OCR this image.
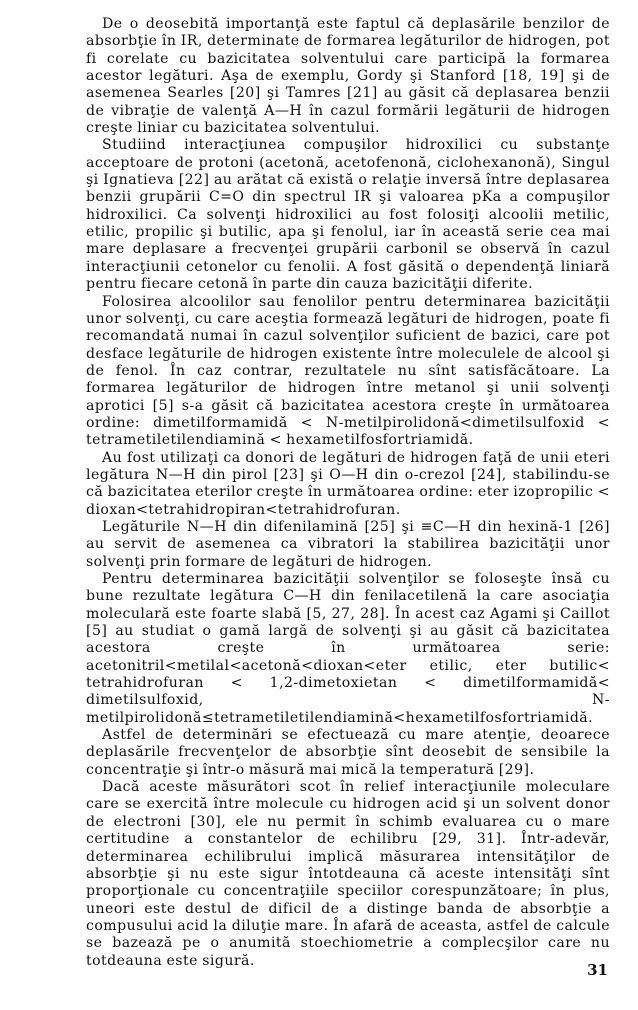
De o deosebită importanţă este faptul că deplasările benzilor de absorbţie în IR, determinate de formarea legăturilor de hidrogen, pot fi corelate cu bazicitatea solventului care participă la formarea acestor legături. Aşa de exemplu, Gordy şi Stanford [18, 19] şi de asemenea Searles [20] şi Tamres [21] au găsit că deplasarea benzii de vibraţie de valenţă A—H în cazul formării legăturii de hidrogen creşte liniar cu bazicitatea solventului.

Studiind interacţiunea compuşilor hidroxilici cu substanţe acceptoare de protoni (acetonă, acetofenonă, ciclohexanonă), Singul şi Ignatieva [22] au arătat că există o relaţie inversă între deplasarea benzii grupării C=O din spectrul IR şi valoarea pKa a compuşilor hidroxilici. Ca solvenţi hidroxilici au fost folosiţi alcoolii metilic, etilic, propilic şi butilic, apa şi fenolul, iar în această serie cea mai mare deplasare a frecvenţei grupării carbonil se observă în cazul interacţiunii cetonelor cu fenolii. A fost găsită o dependenţă liniară pentru fiecare cetonă în parte din cauza bazicităţii diferite.

Folosirea alcoolilor sau fenolilor pentru determinarea bazicităţii unor solvenţi, cu care aceştia formează legături de hidrogen, poate fi recomandată numai în cazul solvenţilor suficient de bazici, care pot desface legăturile de hidrogen existente între moleculele de alcool şi de fenol. În caz contrar, rezultatele nu sînt satisfăcătoare. La formarea legăturilor de hidrogen între metanol şi unii solvenţi aprotici [5] s-a găsit că bazicitatea acestora creşte în următoarea ordine: dimetilformamidă < N-metilpirolidonă<dimetilsulfoxid < tetrametiletilendiamină < hexametilfosfortriamidă.

Au fost utilizaţi ca donori de legături de hidrogen faţă de unii eteri legătura N—H din pirol [23] şi O—H din o-crezol [24], stabilindu-se că bazicitatea eterilor creşte în următoarea ordine: eter izopropilic < dioxan<tetrahidropiran<tetrahidrofuran.

Legăturile N—H din difenilamină [25] şi ≡C—H din hexină-1 [26] au servit de asemenea ca vibratori la stabilirea bazicităţii unor solvenţi prin formare de legături de hidrogen.

Pentru determinarea bazicităţii solvenţilor se foloseşte însă cu bune rezultate legătura C—H din fenilacetilenă la care asociaţia moleculară este foarte slabă [5, 27, 28]. În acest caz Agami şi Caillot [5] au studiat o gamă largă de solvenţi şi au găsit că bazicitatea acestora creşte în următoarea serie: acetonitril<metilal<acetonă<dioxan<eter etilic, eter butilic< tetrahidrofuran < 1,2-dimetoxietan < dimetilformamidă< dimetilsulfoxid, N-metilpirolidonă≤tetrametiletilendiamină<hexametilfosfortriamidă.

Astfel de determinări se efectuează cu mare atenţie, deoarece deplasările frecvenţelor de absorbţie sînt deosebit de sensibile la concentraţie şi într-o măsură mai mică la temperatură [29].

Dacă aceste măsurători scot în relief interacţiunile moleculare care se exercită între molecule cu hidrogen acid şi un solvent donor de electroni [30], ele nu permit în schimb evaluarea cu o mare certitudine a constantelor de echilibru [29, 31]. Într-adevăr, determinarea echilibrului implică măsurarea intensităţilor de absorbţie şi nu este sigur întotdeauna că aceste intensităţi sînt proporţionale cu concentraţiile speciilor corespunzătoare; în plus, uneori este destul de dificil de a distinge banda de absorbţie a compusului acid la diluţie mare. În afară de aceasta, astfel de calcule se bazează pe o anumită stoechiometrie a complecşilor care nu totdeauna este sigură.

31
